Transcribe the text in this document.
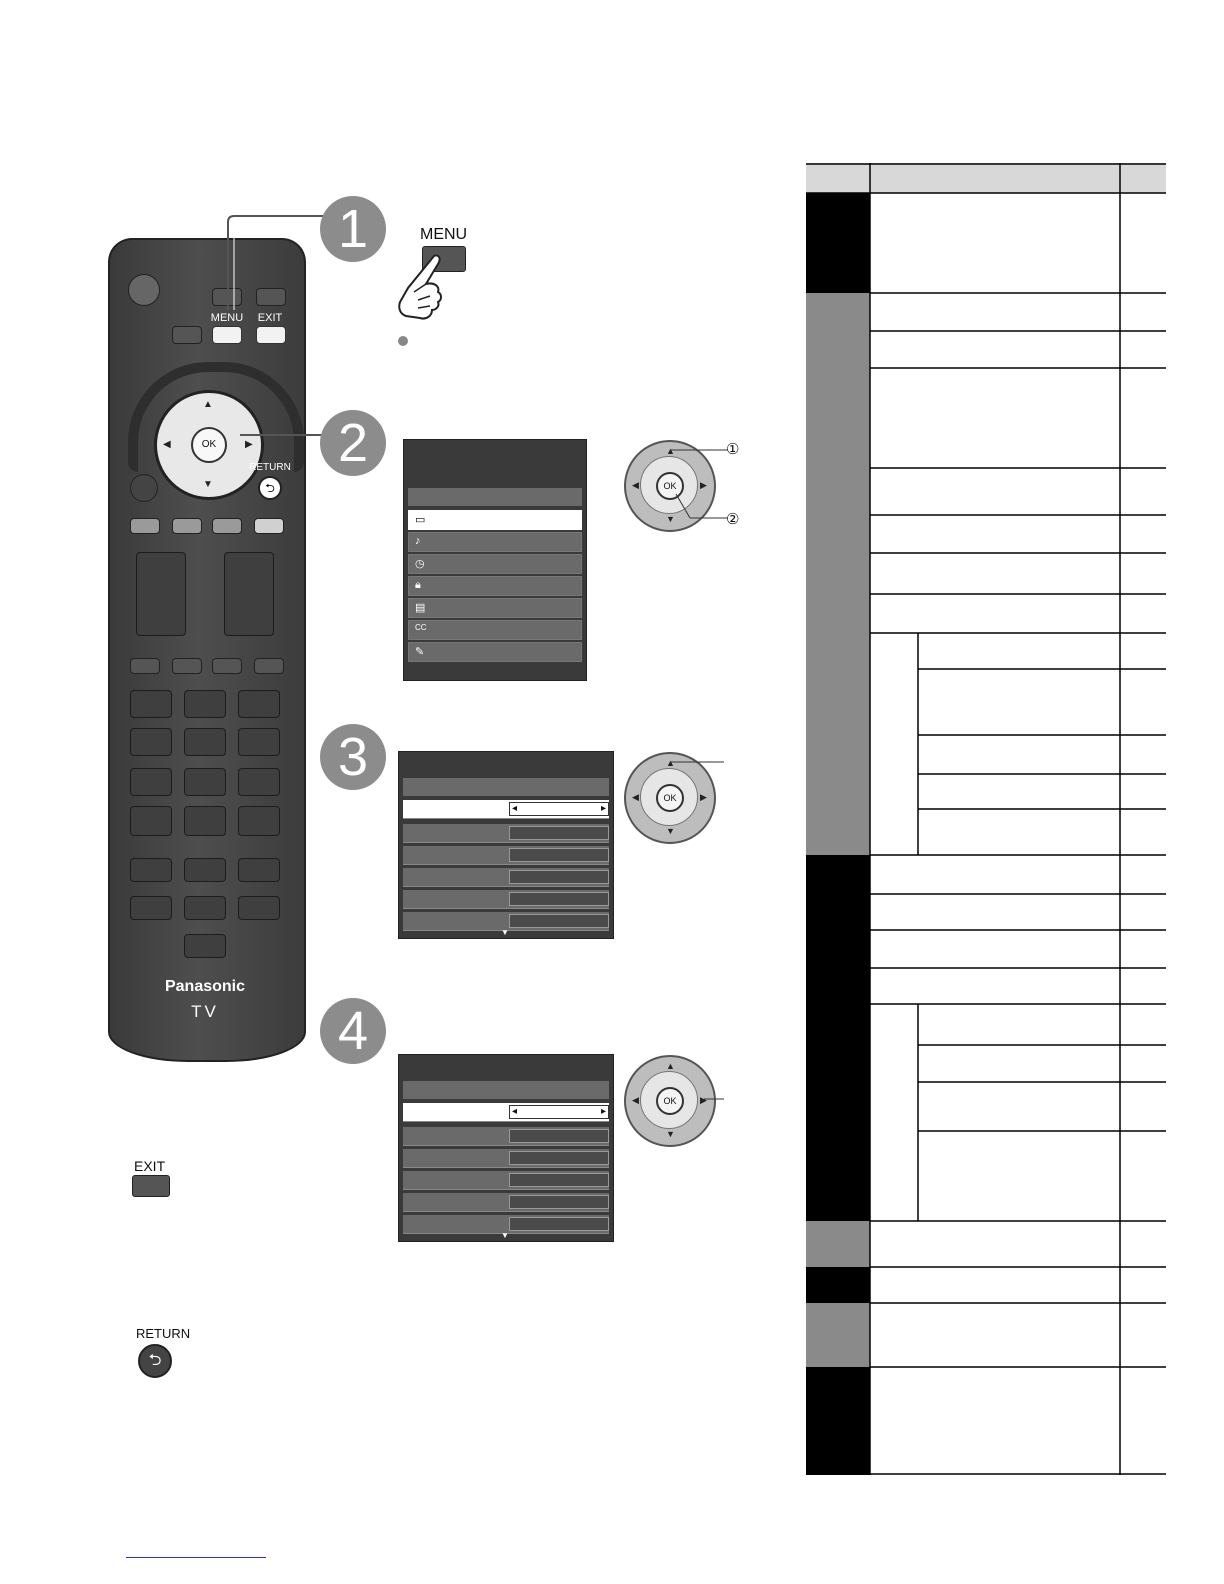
MENU	EXIT
▲
▼
◀	▶
OK
RETURN
⮌
Panasonic
TV
1	MENU
2
▭
♪
◷
🔒︎
▤
CC
✎
▲
▼
◀	▶
OK
①
②
3
◂ ▸
▼
▲
▼
◀	▶
OK
4
◂ ▸
▼
▲
▼
◀	▶
OK
EXIT
RETURN
⮌
